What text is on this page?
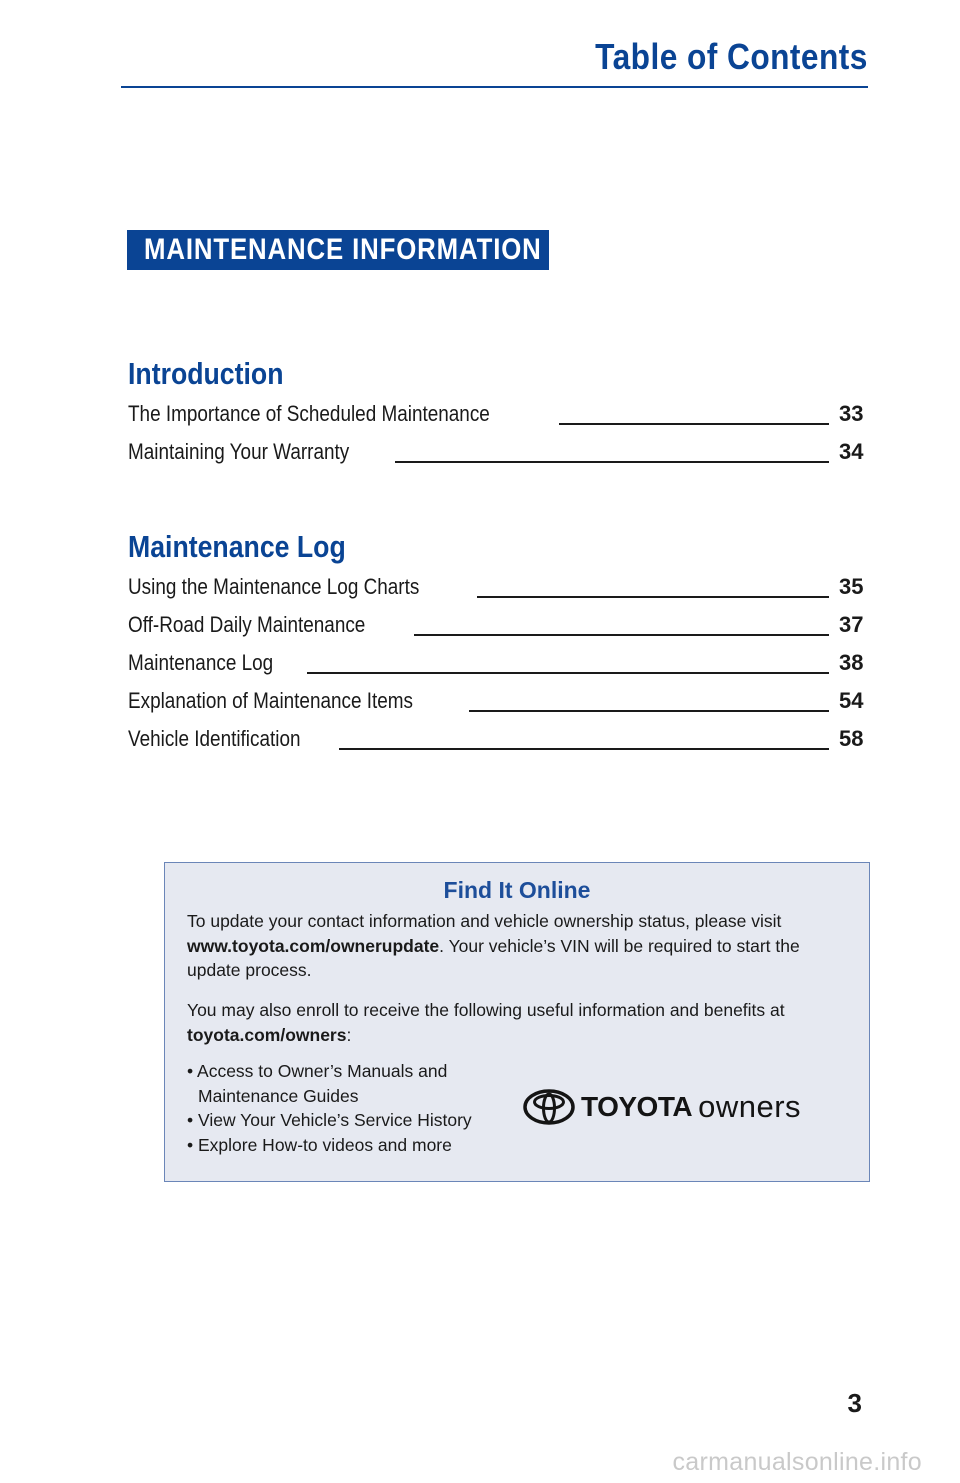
Table of Contents
MAINTENANCE INFORMATION
Introduction
The Importance of Scheduled Maintenance	33
Maintaining Your Warranty	34
Maintenance Log
Using the Maintenance Log Charts	35
Off-Road Daily Maintenance	37
Maintenance Log	38
Explanation of Maintenance Items	54
Vehicle Identification	58
Find It Online

To update your contact information and vehicle ownership status, please visit www.toyota.com/ownerupdate. Your vehicle’s VIN will be required to start the update process.

You may also enroll to receive the following useful information and benefits at toyota.com/owners:

• Access to Owner’s Manuals and Maintenance Guides
• View Your Vehicle’s Service History
• Explore How-to videos and more
TOYOTA owners
3
carmanualsonline.info
